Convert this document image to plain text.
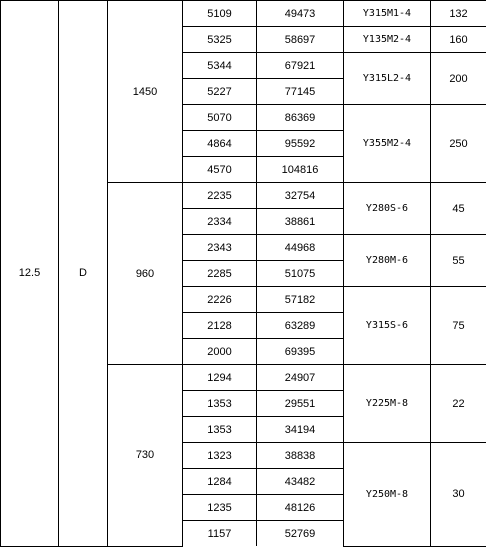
12.5	D	1450	5109	49473	Y315M1-4	132
			5325	58697	Y135M2-4	160
			5344	67921	Y315L2-4	200
			5227	77145		
			5070	86369	Y355M2-4	250
			4864	95592		
			4570	104816		
		960	2235	32754	Y280S-6	45
			2334	38861		
			2343	44968	Y280M-6	55
			2285	51075		
			2226	57182	Y315S-6	75
			2128	63289		
			2000	69395		
		730	1294	24907	Y225M-8	22
			1353	29551		
			1353	34194		
			1323	38838	Y250M-8	30
			1284	43482		
			1235	48126		
			1157	52769		
